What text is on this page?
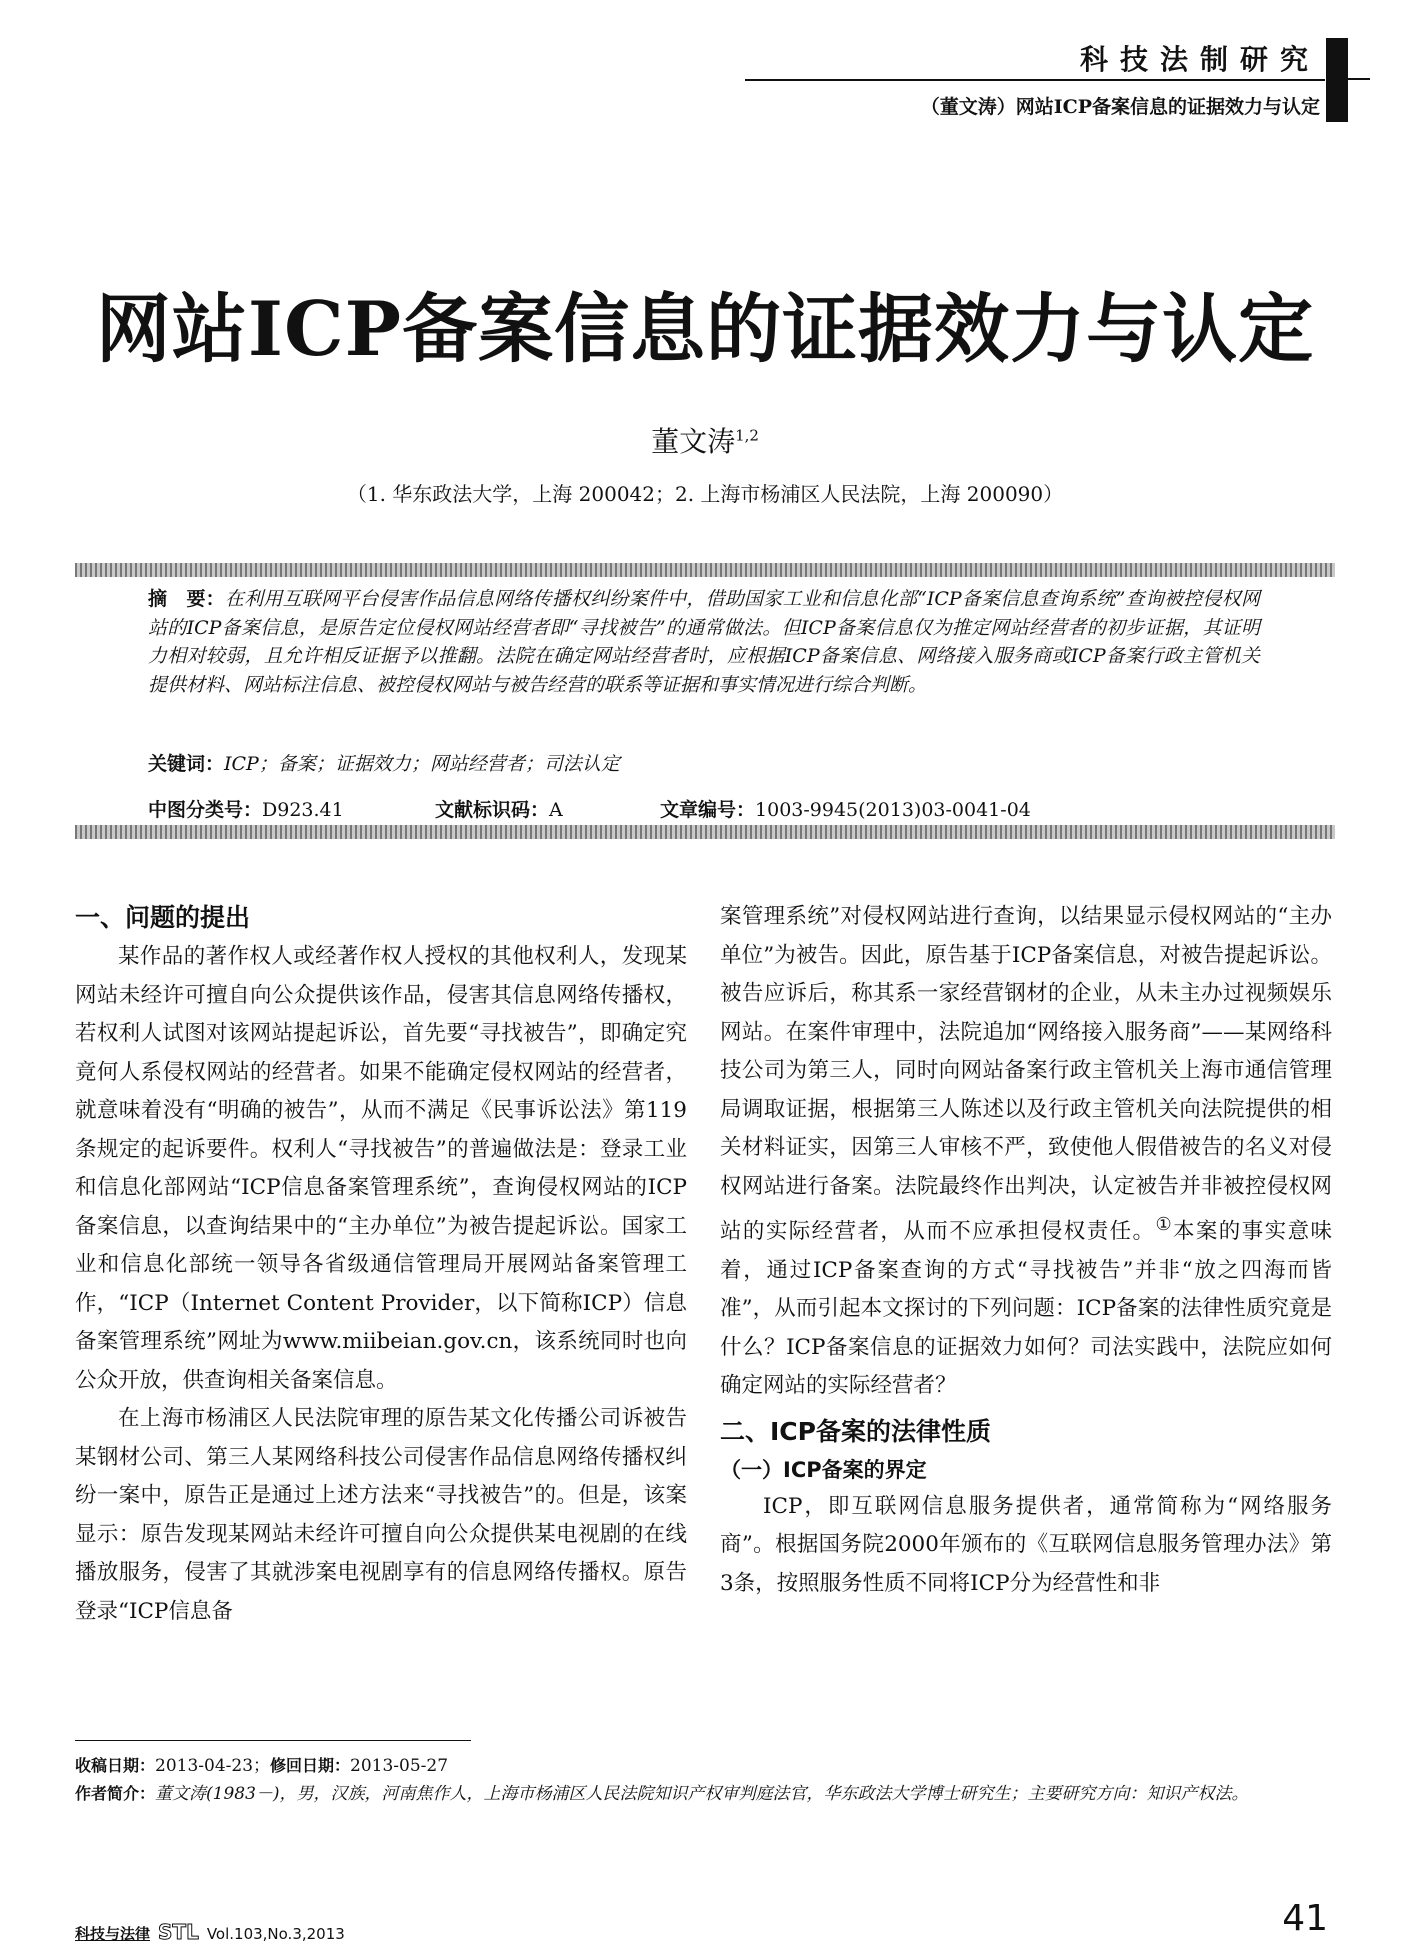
科技法制研究
（董文涛）网站ICP备案信息的证据效力与认定
网站ICP备案信息的证据效力与认定
董文涛$^{1,2}$
（1. 华东政法大学，上海 200042；2. 上海市杨浦区人民法院，上海 200090）
摘　要：在利用互联网平台侵害作品信息网络传播权纠纷案件中，借助国家工业和信息化部“ICP备案信息查询系统”查询被控侵权网站的ICP备案信息，是原告定位侵权网站经营者即“寻找被告”的通常做法。但ICP备案信息仅为推定网站经营者的初步证据，其证明力相对较弱，且允许相反证据予以推翻。法院在确定网站经营者时，应根据ICP备案信息、网络接入服务商或ICP备案行政主管机关提供材料、网站标注信息、被控侵权网站与被告经营的联系等证据和事实情况进行综合判断。
关键词：ICP；备案；证据效力；网站经营者；司法认定
中图分类号：D923.41	文献标识码：A	文章编号：1003-9945(2013)03-0041-04
一、问题的提出

某作品的著作权人或经著作权人授权的其他权利人，发现某网站未经许可擅自向公众提供该作品，侵害其信息网络传播权，若权利人试图对该网站提起诉讼，首先要“寻找被告”，即确定究竟何人系侵权网站的经营者。如果不能确定侵权网站的经营者，就意味着没有“明确的被告”，从而不满足《民事诉讼法》第119条规定的起诉要件。权利人“寻找被告”的普遍做法是：登录工业和信息化部网站“ICP信息备案管理系统”，查询侵权网站的ICP备案信息，以查询结果中的“主办单位”为被告提起诉讼。国家工业和信息化部统一领导各省级通信管理局开展网站备案管理工作，“ICP（Internet Content Provider，以下简称ICP）信息备案管理系统”网址为www.miibeian.gov.cn，该系统同时也向公众开放，供查询相关备案信息。

在上海市杨浦区人民法院审理的原告某文化传播公司诉被告某钢材公司、第三人某网络科技公司侵害作品信息网络传播权纠纷一案中，原告正是通过上述方法来“寻找被告”的。但是，该案显示：原告发现某网站未经许可擅自向公众提供某电视剧的在线播放服务，侵害了其就涉案电视剧享有的信息网络传播权。原告登录“ICP信息备

案管理系统”对侵权网站进行查询，以结果显示侵权网站的“主办单位”为被告。因此，原告基于ICP备案信息，对被告提起诉讼。被告应诉后，称其系一家经营钢材的企业，从未主办过视频娱乐网站。在案件审理中，法院追加“网络接入服务商”——某网络科技公司为第三人，同时向网站备案行政主管机关上海市通信管理局调取证据，根据第三人陈述以及行政主管机关向法院提供的相关材料证实，因第三人审核不严，致使他人假借被告的名义对侵权网站进行备案。法院最终作出判决，认定被告并非被控侵权网站的实际经营者，从而不应承担侵权责任。①本案的事实意味着，通过ICP备案查询的方式“寻找被告”并非“放之四海而皆准”，从而引起本文探讨的下列问题：ICP备案的法律性质究竟是什么？ICP备案信息的证据效力如何？司法实践中，法院应如何确定网站的实际经营者？

二、ICP备案的法律性质
（一）ICP备案的界定

ICP，即互联网信息服务提供者，通常简称为“网络服务商”。根据国务院2000年颁布的《互联网信息服务管理办法》第3条，按照服务性质不同将ICP分为经营性和非

收稿日期：2013-04-23；修回日期：2013-05-27
作者简介：董文涛(1983－)，男，汉族，河南焦作人，上海市杨浦区人民法院知识产权审判庭法官，华东政法大学博士研究生；主要研究方向：知识产权法。
科技与法律 STL Vol.103,No.3,2013	41
